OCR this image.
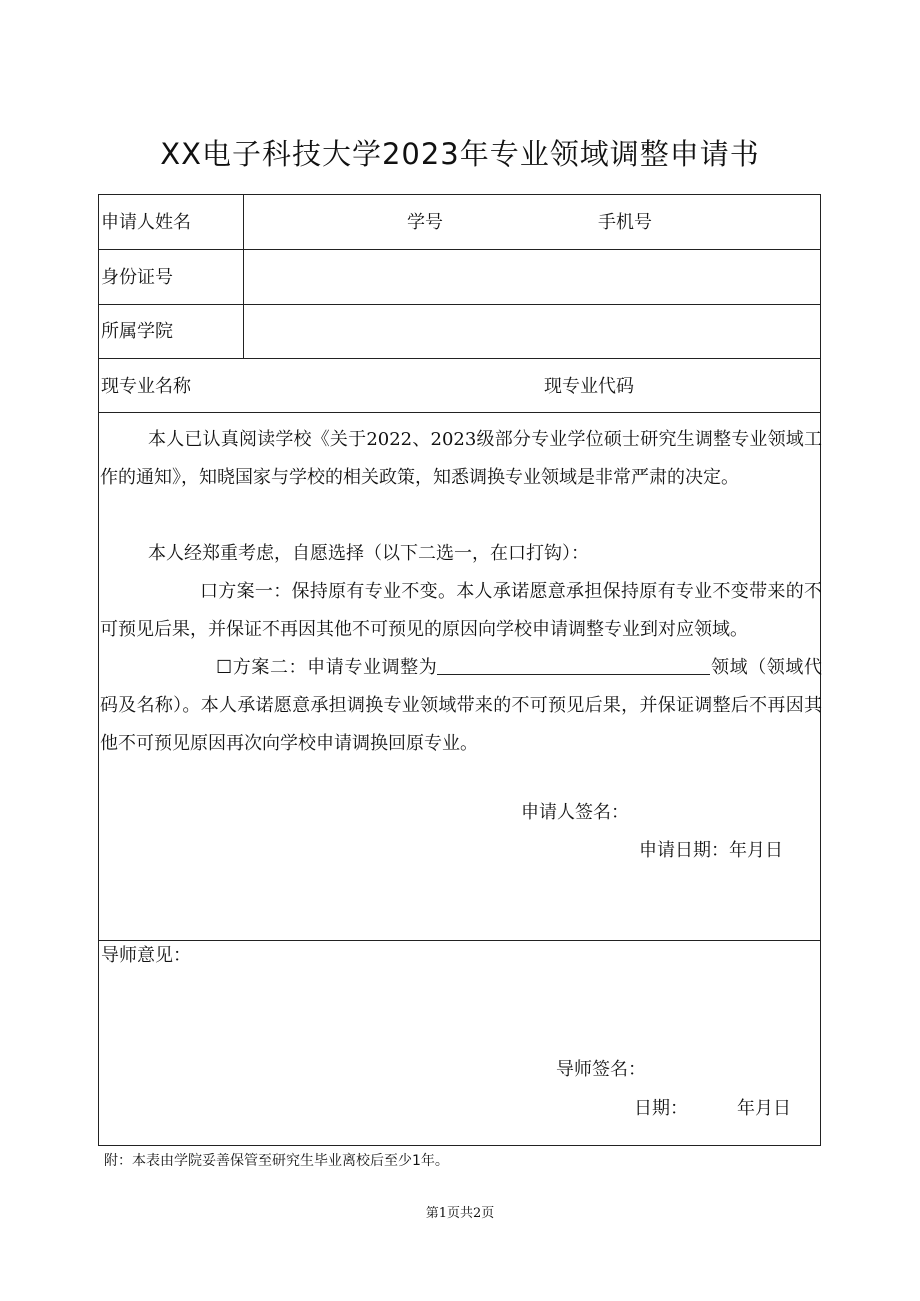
XX电子科技大学2023年专业领域调整申请书
申请人姓名	学号	手机号
身份证号
所属学院
现专业名称	现专业代码

本人已认真阅读学校《关于2022、2023级部分专业学位硕士研究生调整专业领域工作的通知》，知晓国家与学校的相关政策，知悉调换专业领域是非常严肃的决定。

本人经郑重考虑，自愿选择（以下二选一，在口打钩）：

口方案一：保持原有专业不变。本人承诺愿意承担保持原有专业不变带来的不可预见后果，并保证不再因其他不可预见的原因向学校申请调整专业到对应领域。

☐方案二：申请专业调整为	领域（领域代码及名称）。本人承诺愿意承担调换专业领域带来的不可预见后果，并保证调整后不再因其他不可预见原因再次向学校申请调换回原专业。

申请人签名：
申请日期：年月日
导师意见：
导师签名：
日期：	年月日
附：本表由学院妥善保管至研究生毕业离校后至少1年。
第1页共2页
